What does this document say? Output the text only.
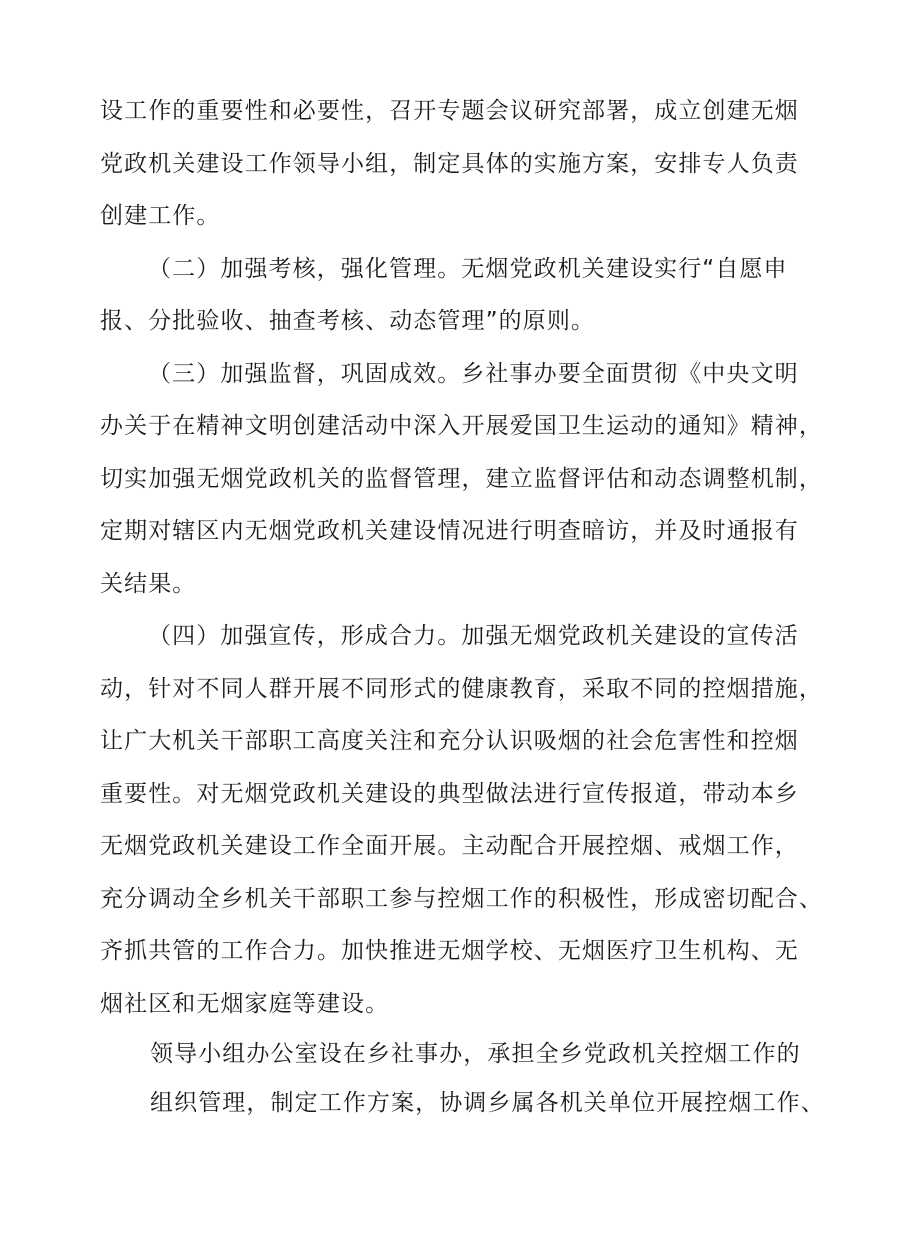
设工作的重要性和必要性，召开专题会议研究部署，成立创建无烟
党政机关建设工作领导小组，制定具体的实施方案，安排专人负责
创建工作。
（二）加强考核，强化管理。无烟党政机关建设实行“自愿申
报、分批验收、抽查考核、动态管理”的原则。
（三）加强监督，巩固成效。乡社事办要全面贯彻《中央文明
办关于在精神文明创建活动中深入开展爱国卫生运动的通知》精神，
切实加强无烟党政机关的监督管理，建立监督评估和动态调整机制，
定期对辖区内无烟党政机关建设情况进行明查暗访，并及时通报有
关结果。
（四）加强宣传，形成合力。加强无烟党政机关建设的宣传活
动，针对不同人群开展不同形式的健康教育，采取不同的控烟措施，
让广大机关干部职工高度关注和充分认识吸烟的社会危害性和控烟
重要性。对无烟党政机关建设的典型做法进行宣传报道，带动本乡
无烟党政机关建设工作全面开展。主动配合开展控烟、戒烟工作，
充分调动全乡机关干部职工参与控烟工作的积极性，形成密切配合、
齐抓共管的工作合力。加快推进无烟学校、无烟医疗卫生机构、无
烟社区和无烟家庭等建设。
领导小组办公室设在乡社事办，承担全乡党政机关控烟工作的
组织管理，制定工作方案，协调乡属各机关单位开展控烟工作、
